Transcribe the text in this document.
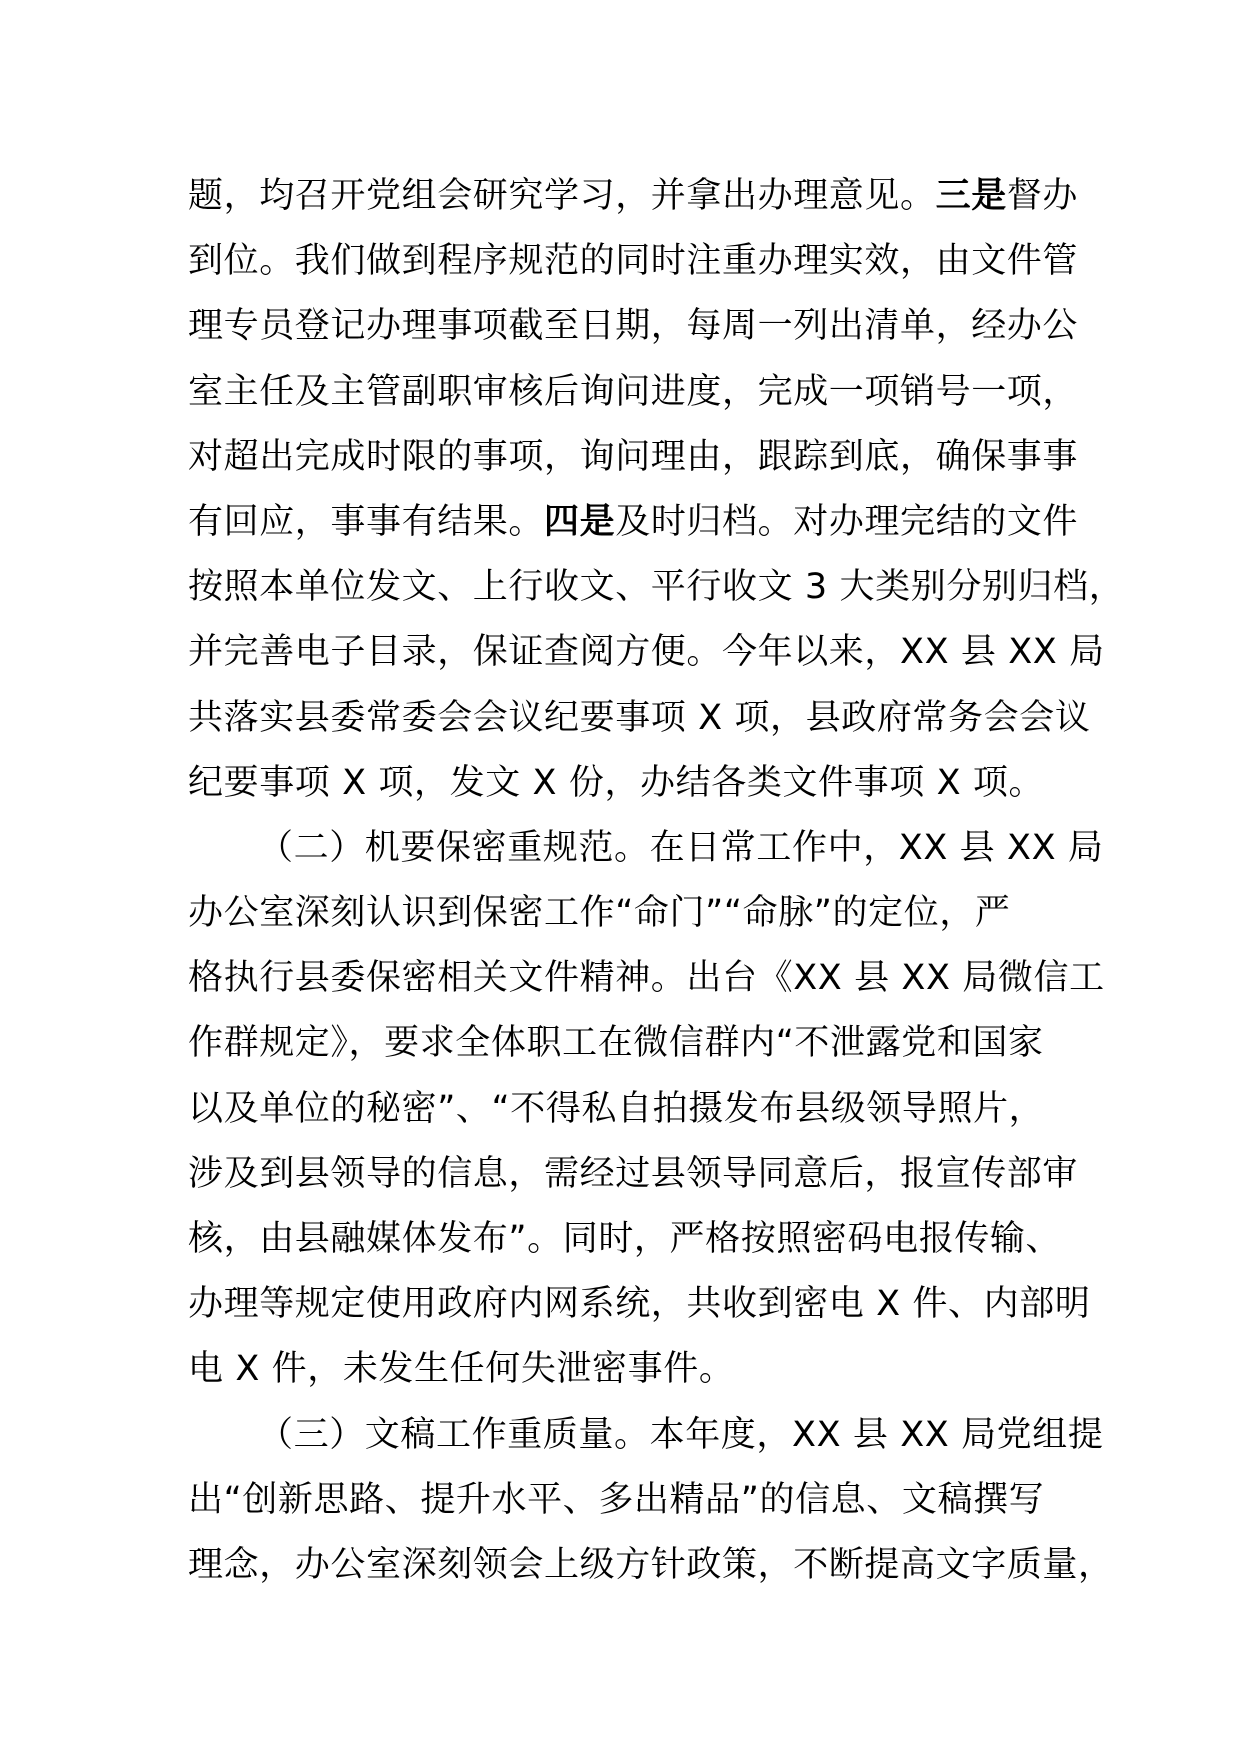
题，均召开党组会研究学习，并拿出办理意见。三是督办
到位。我们做到程序规范的同时注重办理实效，由文件管
理专员登记办理事项截至日期，每周一列出清单，经办公
室主任及主管副职审核后询问进度，完成一项销号一项，
对超出完成时限的事项，询问理由，跟踪到底，确保事事
有回应，事事有结果。四是及时归档。对办理完结的文件
按照本单位发文、上行收文、平行收文 3 大类别分别归档，
并完善电子目录，保证查阅方便。今年以来，XX 县 XX 局
共落实县委常委会会议纪要事项 X 项，县政府常务会会议
纪要事项 X 项，发文 X 份，办结各类文件事项 X 项。
（二）机要保密重规范。在日常工作中，XX 县 XX 局
办公室深刻认识到保密工作“命门”“命脉”的定位，严
格执行县委保密相关文件精神。出台《XX 县 XX 局微信工
作群规定》，要求全体职工在微信群内“不泄露党和国家
以及单位的秘密”、“不得私自拍摄发布县级领导照片，
涉及到县领导的信息，需经过县领导同意后，报宣传部审
核，由县融媒体发布”。同时，严格按照密码电报传输、
办理等规定使用政府内网系统，共收到密电 X 件、内部明
电 X 件，未发生任何失泄密事件。
（三）文稿工作重质量。本年度，XX 县 XX 局党组提
出“创新思路、提升水平、多出精品”的信息、文稿撰写
理念，办公室深刻领会上级方针政策，不断提高文字质量，
